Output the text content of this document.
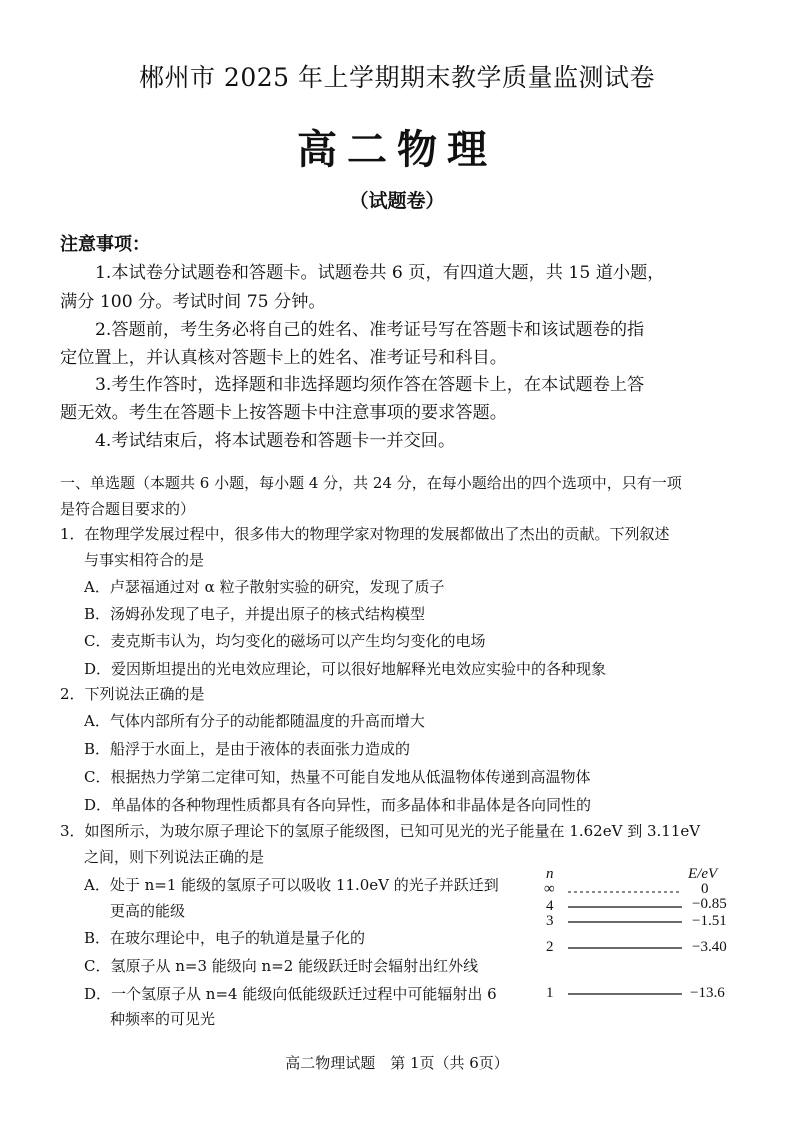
郴州市 2025 年上学期期末教学质量监测试卷
高二物理
（试题卷）
注意事项：
1.本试卷分试题卷和答题卡。试题卷共 6 页，有四道大题，共 15 道小题，
满分 100 分。考试时间 75 分钟。
2.答题前，考生务必将自己的姓名、准考证号写在答题卡和该试题卷的指
定位置上，并认真核对答题卡上的姓名、准考证号和科目。
3.考生作答时，选择题和非选择题均须作答在答题卡上，在本试题卷上答
题无效。考生在答题卡上按答题卡中注意事项的要求答题。
4.考试结束后，将本试题卷和答题卡一并交回。
一、单选题（本题共 6 小题，每小题 4 分，共 24 分，在每小题给出的四个选项中，只有一项
是符合题目要求的）
1．在物理学发展过程中，很多伟大的物理学家对物理的发展都做出了杰出的贡献。下列叙述
与事实相符合的是
A．卢瑟福通过对 α 粒子散射实验的研究，发现了质子
B．汤姆孙发现了电子，并提出原子的核式结构模型
C．麦克斯韦认为，均匀变化的磁场可以产生均匀变化的电场
D．爱因斯坦提出的光电效应理论，可以很好地解释光电效应实验中的各种现象
2．下列说法正确的是
A．气体内部所有分子的动能都随温度的升高而增大
B．船浮于水面上，是由于液体的表面张力造成的
C．根据热力学第二定律可知，热量不可能自发地从低温物体传递到高温物体
D．单晶体的各种物理性质都具有各向异性，而多晶体和非晶体是各向同性的
3．如图所示，为玻尔原子理论下的氢原子能级图，已知可见光的光子能量在 1.62eV 到 3.11eV
之间，则下列说法正确的是
A．处于 n=1 能级的氢原子可以吸收 11.0eV 的光子并跃迁到
更高的能级
B．在玻尔理论中，电子的轨道是量子化的
C．氢原子从 n=3 能级向 n=2 能级跃迁时会辐射出红外线
D．一个氢原子从 n=4 能级向低能级跃迁过程中可能辐射出 6
种频率的可见光
n	E/eV
∞
4
3
2
1
0
−0.85
−1.51
−3.40
−13.6
高二物理试题　第 1页（共 6页）
